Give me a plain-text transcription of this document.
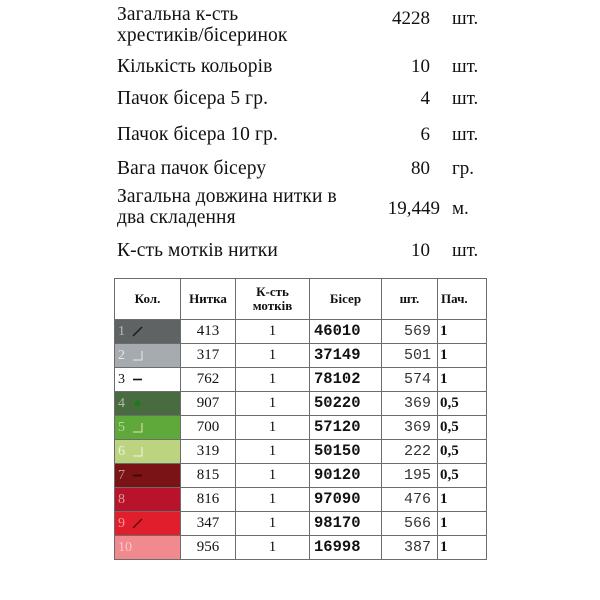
Загальна к-сть
хрестиків/бісеринок
4228 шт.
Кількість кольорів	10 шт.
Пачок бісера 5 гр.	4 шт.
Пачок бісера 10 гр.	6 шт.
Вага пачок бісеру	80 гр.
Загальна довжина нитки в
два складення	19,449 м.
К-сть мотків нитки	10 шт.
Кол.	Нитка	К-сть
мотків	Бісер	шт.	Пач.

1	413	1	46010	569	1

2	317	1	37149	501	1

3	762	1	78102	574	1

4	907	1	50220	369	0,5

5	700	1	57120	369	0,5

6	319	1	50150	222	0,5

7	815	1	90120	195	0,5

8	816	1	97090	476	1

9	347	1	98170	566	1

10	956	1	16998	387	1
